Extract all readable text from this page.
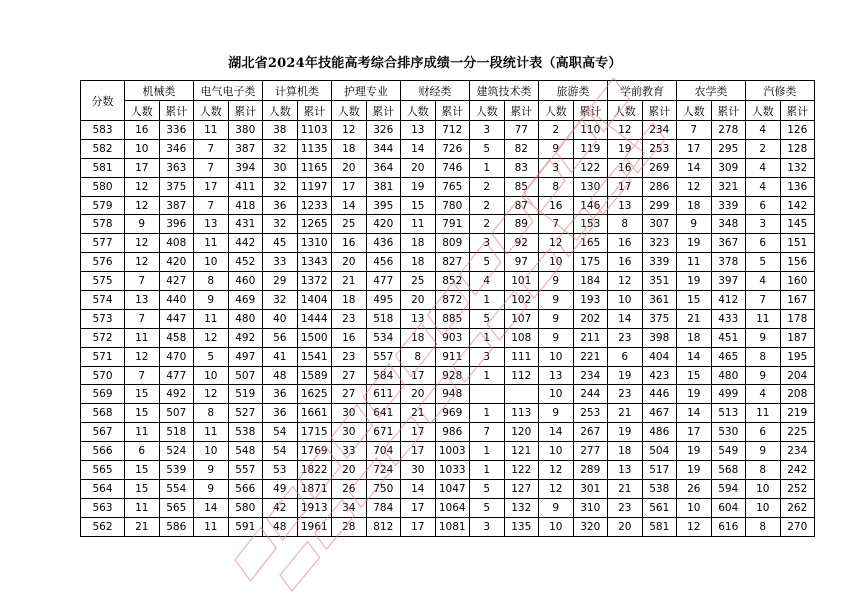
湖北省2024年技能高考综合排序成绩一分一段统计表（高职高专）
分数	机械类		电气电子类		计算机类		护理专业		财经类		建筑技术类		旅游类		学前教育		农学类		汽修类	
	人数	累计	人数	累计	人数	累计	人数	累计	人数	累计	人数	累计	人数	累计	人数	累计	人数	累计	人数	累计
583	16	336	11	380	38	1103	12	326	13	712	3	77	2	110	12	234	7	278	4	126
582	10	346	7	387	32	1135	18	344	14	726	5	82	9	119	19	253	17	295	2	128
581	17	363	7	394	30	1165	20	364	20	746	1	83	3	122	16	269	14	309	4	132
580	12	375	17	411	32	1197	17	381	19	765	2	85	8	130	17	286	12	321	4	136
579	12	387	7	418	36	1233	14	395	15	780	2	87	16	146	13	299	18	339	6	142
578	9	396	13	431	32	1265	25	420	11	791	2	89	7	153	8	307	9	348	3	145
577	12	408	11	442	45	1310	16	436	18	809	3	92	12	165	16	323	19	367	6	151
576	12	420	10	452	33	1343	20	456	18	827	5	97	10	175	16	339	11	378	5	156
575	7	427	8	460	29	1372	21	477	25	852	4	101	9	184	12	351	19	397	4	160
574	13	440	9	469	32	1404	18	495	20	872	1	102	9	193	10	361	15	412	7	167
573	7	447	11	480	40	1444	23	518	13	885	5	107	9	202	14	375	21	433	11	178
572	11	458	12	492	56	1500	16	534	18	903	1	108	9	211	23	398	18	451	9	187
571	12	470	5	497	41	1541	23	557	8	911	3	111	10	221	6	404	14	465	8	195
570	7	477	10	507	48	1589	27	584	17	928	1	112	13	234	19	423	15	480	9	204
569	15	492	12	519	36	1625	27	611	20	948			10	244	23	446	19	499	4	208
568	15	507	8	527	36	1661	30	641	21	969	1	113	9	253	21	467	14	513	11	219
567	11	518	11	538	54	1715	30	671	17	986	7	120	14	267	19	486	17	530	6	225
566	6	524	10	548	54	1769	33	704	17	1003	1	121	10	277	18	504	19	549	9	234
565	15	539	9	557	53	1822	20	724	30	1033	1	122	12	289	13	517	19	568	8	242
564	15	554	9	566	49	1871	26	750	14	1047	5	127	12	301	21	538	26	594	10	252
563	11	565	14	580	42	1913	34	784	17	1064	5	132	9	310	23	561	10	604	10	262
562	21	586	11	591	48	1961	28	812	17	1081	3	135	10	320	20	581	12	616	8	270
